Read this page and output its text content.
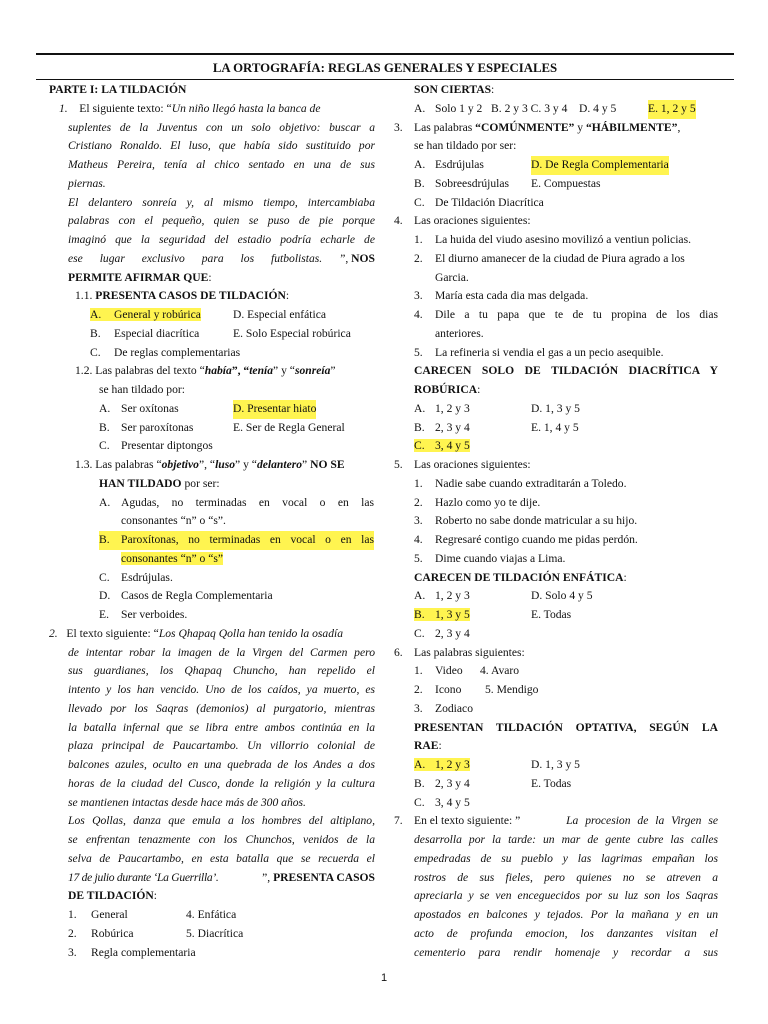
LA ORTOGRAFÍA: REGLAS GENERALES Y ESPECIALES
PARTE I: LA TILDACIÓN
1. El siguiente texto: “Un niño llegó hasta la banca de
suplentes de la Juventus con un solo objetivo: buscar a
Cristiano Ronaldo. El luso, que había sido sustituido por
Matheus Pereira, tenía al chico sentado en una de sus
piernas.
El delantero sonreía y, al mismo tiempo, intercambiaba
palabras con el pequeño, quien se puso de pie porque
imaginó que la seguridad del estadio podría echarle de
ese lugar exclusivo para los futbolistas. ”, NOS
PERMITE AFIRMAR QUE:
1.1. PRESENTA CASOS DE TILDACIÓN:
A. General y robúrica	D. Especial enfática
B. Especial diacrítica	E. Solo Especial robúrica
C. De reglas complementarias
1.2. Las palabras del texto “había”, “tenía” y “sonreía”
se han tildado por:
A. Ser oxítonas	D. Presentar hiato
B. Ser paroxítonas	E. Ser de Regla General
C. Presentar diptongos
1.3. Las palabras “objetivo”, “luso” y “delantero” NO SE
HAN TILDADO por ser:
A. Agudas, no terminadas en vocal o en las
consonantes “n” o “s”.
B. Paroxítonas, no terminadas en vocal o en las
consonantes “n” o “s”
C. Esdrújulas.
D. Casos de Regla Complementaria
E. Ser verboides.
2. El texto siguiente: “Los Qhapaq Qolla han tenido la osadía
de intentar robar la imagen de la Virgen del Carmen pero
sus guardianes, los Qhapaq Chuncho, han repelido el
intento y los han vencido. Uno de los caídos, ya muerto, es
llevado por los Saqras (demonios) al purgatorio, mientras
la batalla infernal que se libra entre ambos continúa en la
plaza principal de Paucartambo. Un villorrio colonial de
balcones azules, oculto en una quebrada de los Andes a dos
horas de la ciudad del Cusco, donde la religión y la cultura
se mantienen intactas desde hace más de 300 años.
Los Qollas, danza que emula a los hombres del altiplano,
se enfrentan tenazmente con los Chunchos, venidos de la
selva de Paucartambo, en esta batalla que se recuerda el
17 de julio durante ‘La Guerrilla’.	”, PRESENTA CASOS
DE TILDACIÓN:
1. General	4. Enfática
2. Robúrica	5. Diacrítica
3. Regla complementaria
SON CIERTAS:
A. Solo 1 y 2   B. 2 y 3 C. 3 y 4    D. 4 y 5	E. 1, 2 y 5
3. Las palabras “COMÚNMENTE” y “HÁBILMENTE”,
se han tildado por ser:
A. Esdrújulas	D. De Regla Complementaria
B. Sobreesdrújulas E. Compuestas
C. De Tildación Diacrítica
4. Las oraciones siguientes:
1. La huida del viudo asesino movilizó a ventiun policias.
2. El diurno amanecer de la ciudad de Piura agrado a los
Garcia.
3. María esta cada dia mas delgada.
4.	Dile a tu papa que te de tu propina de los dias
anteriores.
5. La refineria si vendia el gas a un pecio asequible.
CARECEN SOLO DE TILDACIÓN DIACRÍTICA Y
ROBÚRICA:
A. 1, 2 y 3	D. 1, 3 y 5
B. 2, 3 y 4	E. 1, 4 y 5
C. 3, 4 y 5
5. Las oraciones siguientes:
1. Nadie sabe cuando extraditarán a Toledo.
2. Hazlo como yo te dije.
3. Roberto no sabe donde matricular a su hijo.
4. Regresaré contigo cuando me pidas perdón.
5. Dime cuando viajas a Lima.
CARECEN DE TILDACIÓN ENFÁTICA:
A. 1, 2 y 3	D. Solo 4 y 5
B. 1, 3 y 5	E. Todas
C. 2, 3 y 4
6. Las palabras siguientes:
1. Video 4. Avaro
2. Icono 5. Mendigo
3. Zodiaco
PRESENTAN TILDACIÓN OPTATIVA, SEGÚN LA
RAE:
A. 1, 2 y 3	D. 1, 3 y 5
B. 2, 3 y 4	E. Todas
C. 3, 4 y 5
7. En el texto siguiente: ”	La procesion de la Virgen se
desarrolla por la tarde: un mar de gente cubre las calles
empedradas de su pueblo y las lagrimas empañan los
rostros de sus fieles, pero quienes no se atreven a
apreciarla y se ven enceguecidos por su luz son los Saqras
apostados en balcones y tejados. Por la mañana y en un
acto de profunda emocion, los danzantes visitan el
cementerio para rendir homenaje y recordar a sus
1
